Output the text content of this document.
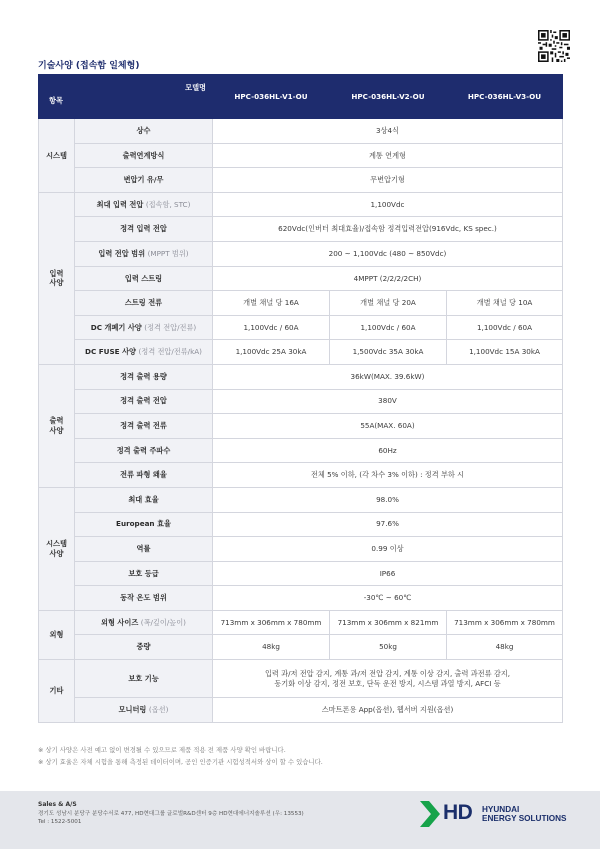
기술사양 (접속함 일체형)
항목
모델명		HPC-036HL-V1-OU	HPC-036HL-V2-OU	HPC-036HL-V3-OU
시스템	상수	3상4식		
	출력연계방식	계통 연계형		
	변압기 유/무	무변압기형		
입력
사양	최대 입력 전압 (접속함, STC)	1,100Vdc		
	정격 입력 전압	620Vdc(인버터 최대효율)/접속함 정격입력전압(916Vdc, KS spec.)		
	입력 전압 범위 (MPPT 범위)	200 ~ 1,100Vdc (480 ~ 850Vdc)		
	입력 스트링	4MPPT (2/2/2/2CH)		
	스트링 전류	개별 채널 당 16A	개별 채널 당 20A	개별 채널 당 10A
	DC 개폐기 사양 (정격 전압/전류)	1,100Vdc / 60A	1,100Vdc / 60A	1,100Vdc / 60A
	DC FUSE 사양 (정격 전압/전류/kA)	1,100Vdc 25A 30kA	1,500Vdc 35A 30kA	1,100Vdc 15A 30kA
출력
사양	정격 출력 용량	36kW(MAX. 39.6kW)		
	정격 출력 전압	380V		
	정격 출력 전류	55A(MAX. 60A)		
	정격 출력 주파수	60Hz		
	전류 파형 왜율	전체 5% 이하, (각 차수 3% 이하) : 정격 부하 시		
시스템
사양	최대 효율	98.0%		
	European 효율	97.6%		
	역률	0.99 이상		
	보호 등급	IP66		
	동작 온도 범위	-30℃ ~ 60℃		
외형	외형 사이즈 (폭/깊이/높이)	713mm x 306mm x 780mm	713mm x 306mm x 821mm	713mm x 306mm x 780mm
	중량	48kg	50kg	48kg
기타	보호 기능	입력 과/저 전압 감지, 계통 과/저 전압 감지, 계통 이상 감지, 출력 과전류 감지,
동기화 이상 감지, 정전 보호, 단독 운전 방지, 시스템 과열 방지, AFCI 등		
	모니터링 (옵션)	스마트폰용 App(옵션), 웹서버 지원(옵션)		
※ 상기 사양은 사전 예고 없이 변경될 수 있으므로 제품 적용 전 제품 사양 확인 바랍니다.
※ 상기 효율은 자체 시험을 통해 측정된 데이터이며, 공인 인증기관 시험성적서와 상이 할 수 있습니다.
Sales & A/S
경기도 성남시 분당구 분당수서로 477, HD현대그룹 글로벌R&D센터 9층 HD현대에너지솔루션 (우: 13553)
Tel : 1522-5001	HD HYUNDAI
ENERGY SOLUTIONS
